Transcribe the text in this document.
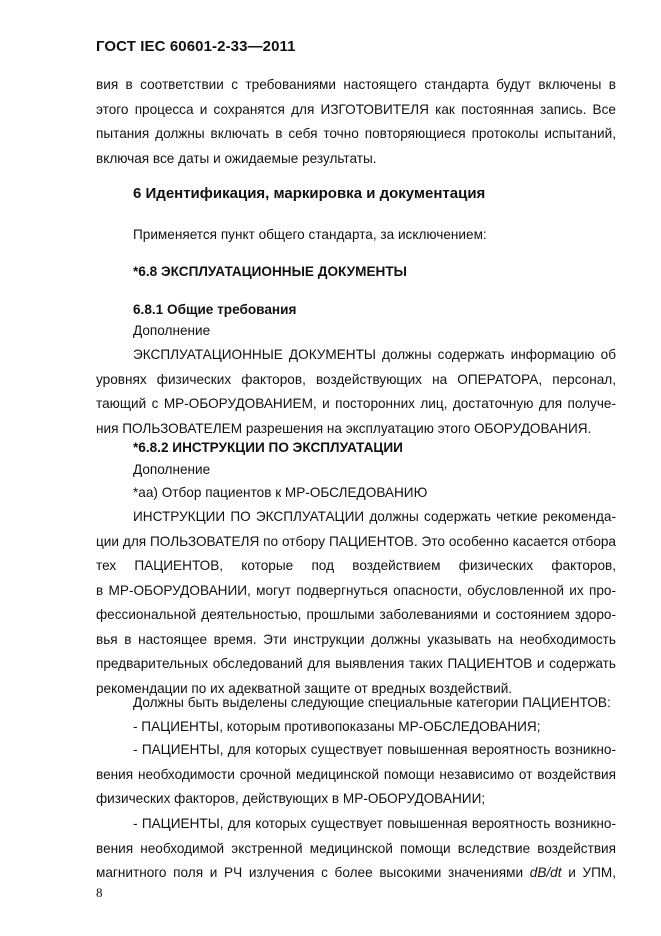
ГОСТ IEC 60601-2-33—2011
вия в соответствии с требованиями настоящего стандарта будут включены в
этого процесса и сохранятся для ИЗГОТОВИТЕЛЯ как постоянная запись. Все
пытания должны включать в себя точно повторяющиеся протоколы испытаний,
включая все даты и ожидаемые результаты.
6 Идентификация, маркировка и документация
Применяется пункт общего стандарта, за исключением:
*6.8 ЭКСПЛУАТАЦИОННЫЕ ДОКУМЕНТЫ
6.8.1 Общие требования
Дополнение
ЭКСПЛУАТАЦИОННЫЕ ДОКУМЕНТЫ должны содержать информацию об
уровнях физических факторов, воздействующих на ОПЕРАТОРА, персонал,
тающий с МР-ОБОРУДОВАНИЕМ, и посторонних лиц, достаточную для получе-
ния ПОЛЬЗОВАТЕЛЕМ разрешения на эксплуатацию этого ОБОРУДОВАНИЯ.
*6.8.2 ИНСТРУКЦИИ ПО ЭКСПЛУАТАЦИИ
Дополнение
*аа) Отбор пациентов к МР-ОБСЛЕДОВАНИЮ
ИНСТРУКЦИИ ПО ЭКСПЛУАТАЦИИ должны содержать четкие рекоменда-
ции для ПОЛЬЗОВАТЕЛЯ по отбору ПАЦИЕНТОВ. Это особенно касается отбора
тех ПАЦИЕНТОВ, которые под воздействием физических факторов,
в МР-ОБОРУДОВАНИИ, могут подвергнуться опасности, обусловленной их про-
фессиональной деятельностью, прошлыми заболеваниями и состоянием здоро-
вья в настоящее время. Эти инструкции должны указывать на необходимость
предварительных обследований для выявления таких ПАЦИЕНТОВ и содержать
рекомендации по их адекватной защите от вредных воздействий.
Должны быть выделены следующие специальные категории ПАЦИЕНТОВ:
- ПАЦИЕНТЫ, которым противопоказаны МР-ОБСЛЕДОВАНИЯ;
- ПАЦИЕНТЫ, для которых существует повышенная вероятность возникно-
вения необходимости срочной медицинской помощи независимо от воздействия
физических факторов, действующих в МР-ОБОРУДОВАНИИ;
- ПАЦИЕНТЫ, для которых существует повышенная вероятность возникно-
вения необходимой экстренной медицинской помощи вследствие воздействия
магнитного поля и РЧ излучения с более высокими значениями dB/dt и УПМ,
8
